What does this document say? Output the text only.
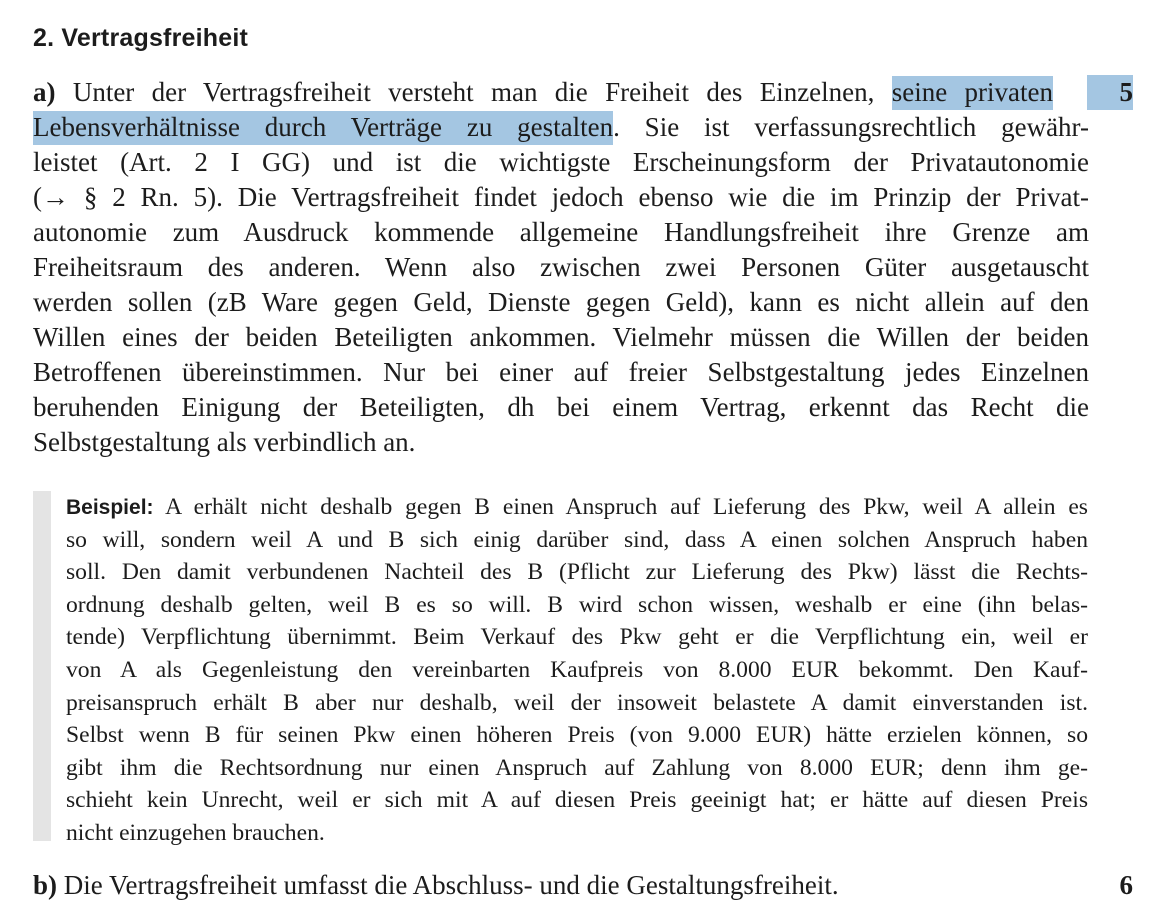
2. Vertragsfreiheit
a) Unter der Vertragsfreiheit versteht man die Freiheit des Einzelnen, seine privaten
Lebensverhältnisse durch Verträge zu gestalten. Sie ist verfassungsrechtlich gewähr-
leistet (Art. 2 I GG) und ist die wichtigste Erscheinungsform der Privatautonomie
(→ § 2 Rn. 5). Die Vertragsfreiheit findet jedoch ebenso wie die im Prinzip der Privat-
autonomie zum Ausdruck kommende allgemeine Handlungsfreiheit ihre Grenze am
Freiheitsraum des anderen. Wenn also zwischen zwei Personen Güter ausgetauscht
werden sollen (zB Ware gegen Geld, Dienste gegen Geld), kann es nicht allein auf den
Willen eines der beiden Beteiligten ankommen. Vielmehr müssen die Willen der beiden
Betroffenen übereinstimmen. Nur bei einer auf freier Selbstgestaltung jedes Einzelnen
beruhenden Einigung der Beteiligten, dh bei einem Vertrag, erkennt das Recht die
Selbstgestaltung als verbindlich an.
5
Beispiel: A erhält nicht deshalb gegen B einen Anspruch auf Lieferung des Pkw, weil A allein es
so will, sondern weil A und B sich einig darüber sind, dass A einen solchen Anspruch haben
soll. Den damit verbundenen Nachteil des B (Pflicht zur Lieferung des Pkw) lässt die Rechts-
ordnung deshalb gelten, weil B es so will. B wird schon wissen, weshalb er eine (ihn belas-
tende) Verpflichtung übernimmt. Beim Verkauf des Pkw geht er die Verpflichtung ein, weil er
von A als Gegenleistung den vereinbarten Kaufpreis von 8.000 EUR bekommt. Den Kauf-
preisanspruch erhält B aber nur deshalb, weil der insoweit belastete A damit einverstanden ist.
Selbst wenn B für seinen Pkw einen höheren Preis (von 9.000 EUR) hätte erzielen können, so
gibt ihm die Rechtsordnung nur einen Anspruch auf Zahlung von 8.000 EUR; denn ihm ge-
schieht kein Unrecht, weil er sich mit A auf diesen Preis geeinigt hat; er hätte auf diesen Preis
nicht einzugehen brauchen.
b) Die Vertragsfreiheit umfasst die Abschluss- und die Gestaltungsfreiheit.	6
